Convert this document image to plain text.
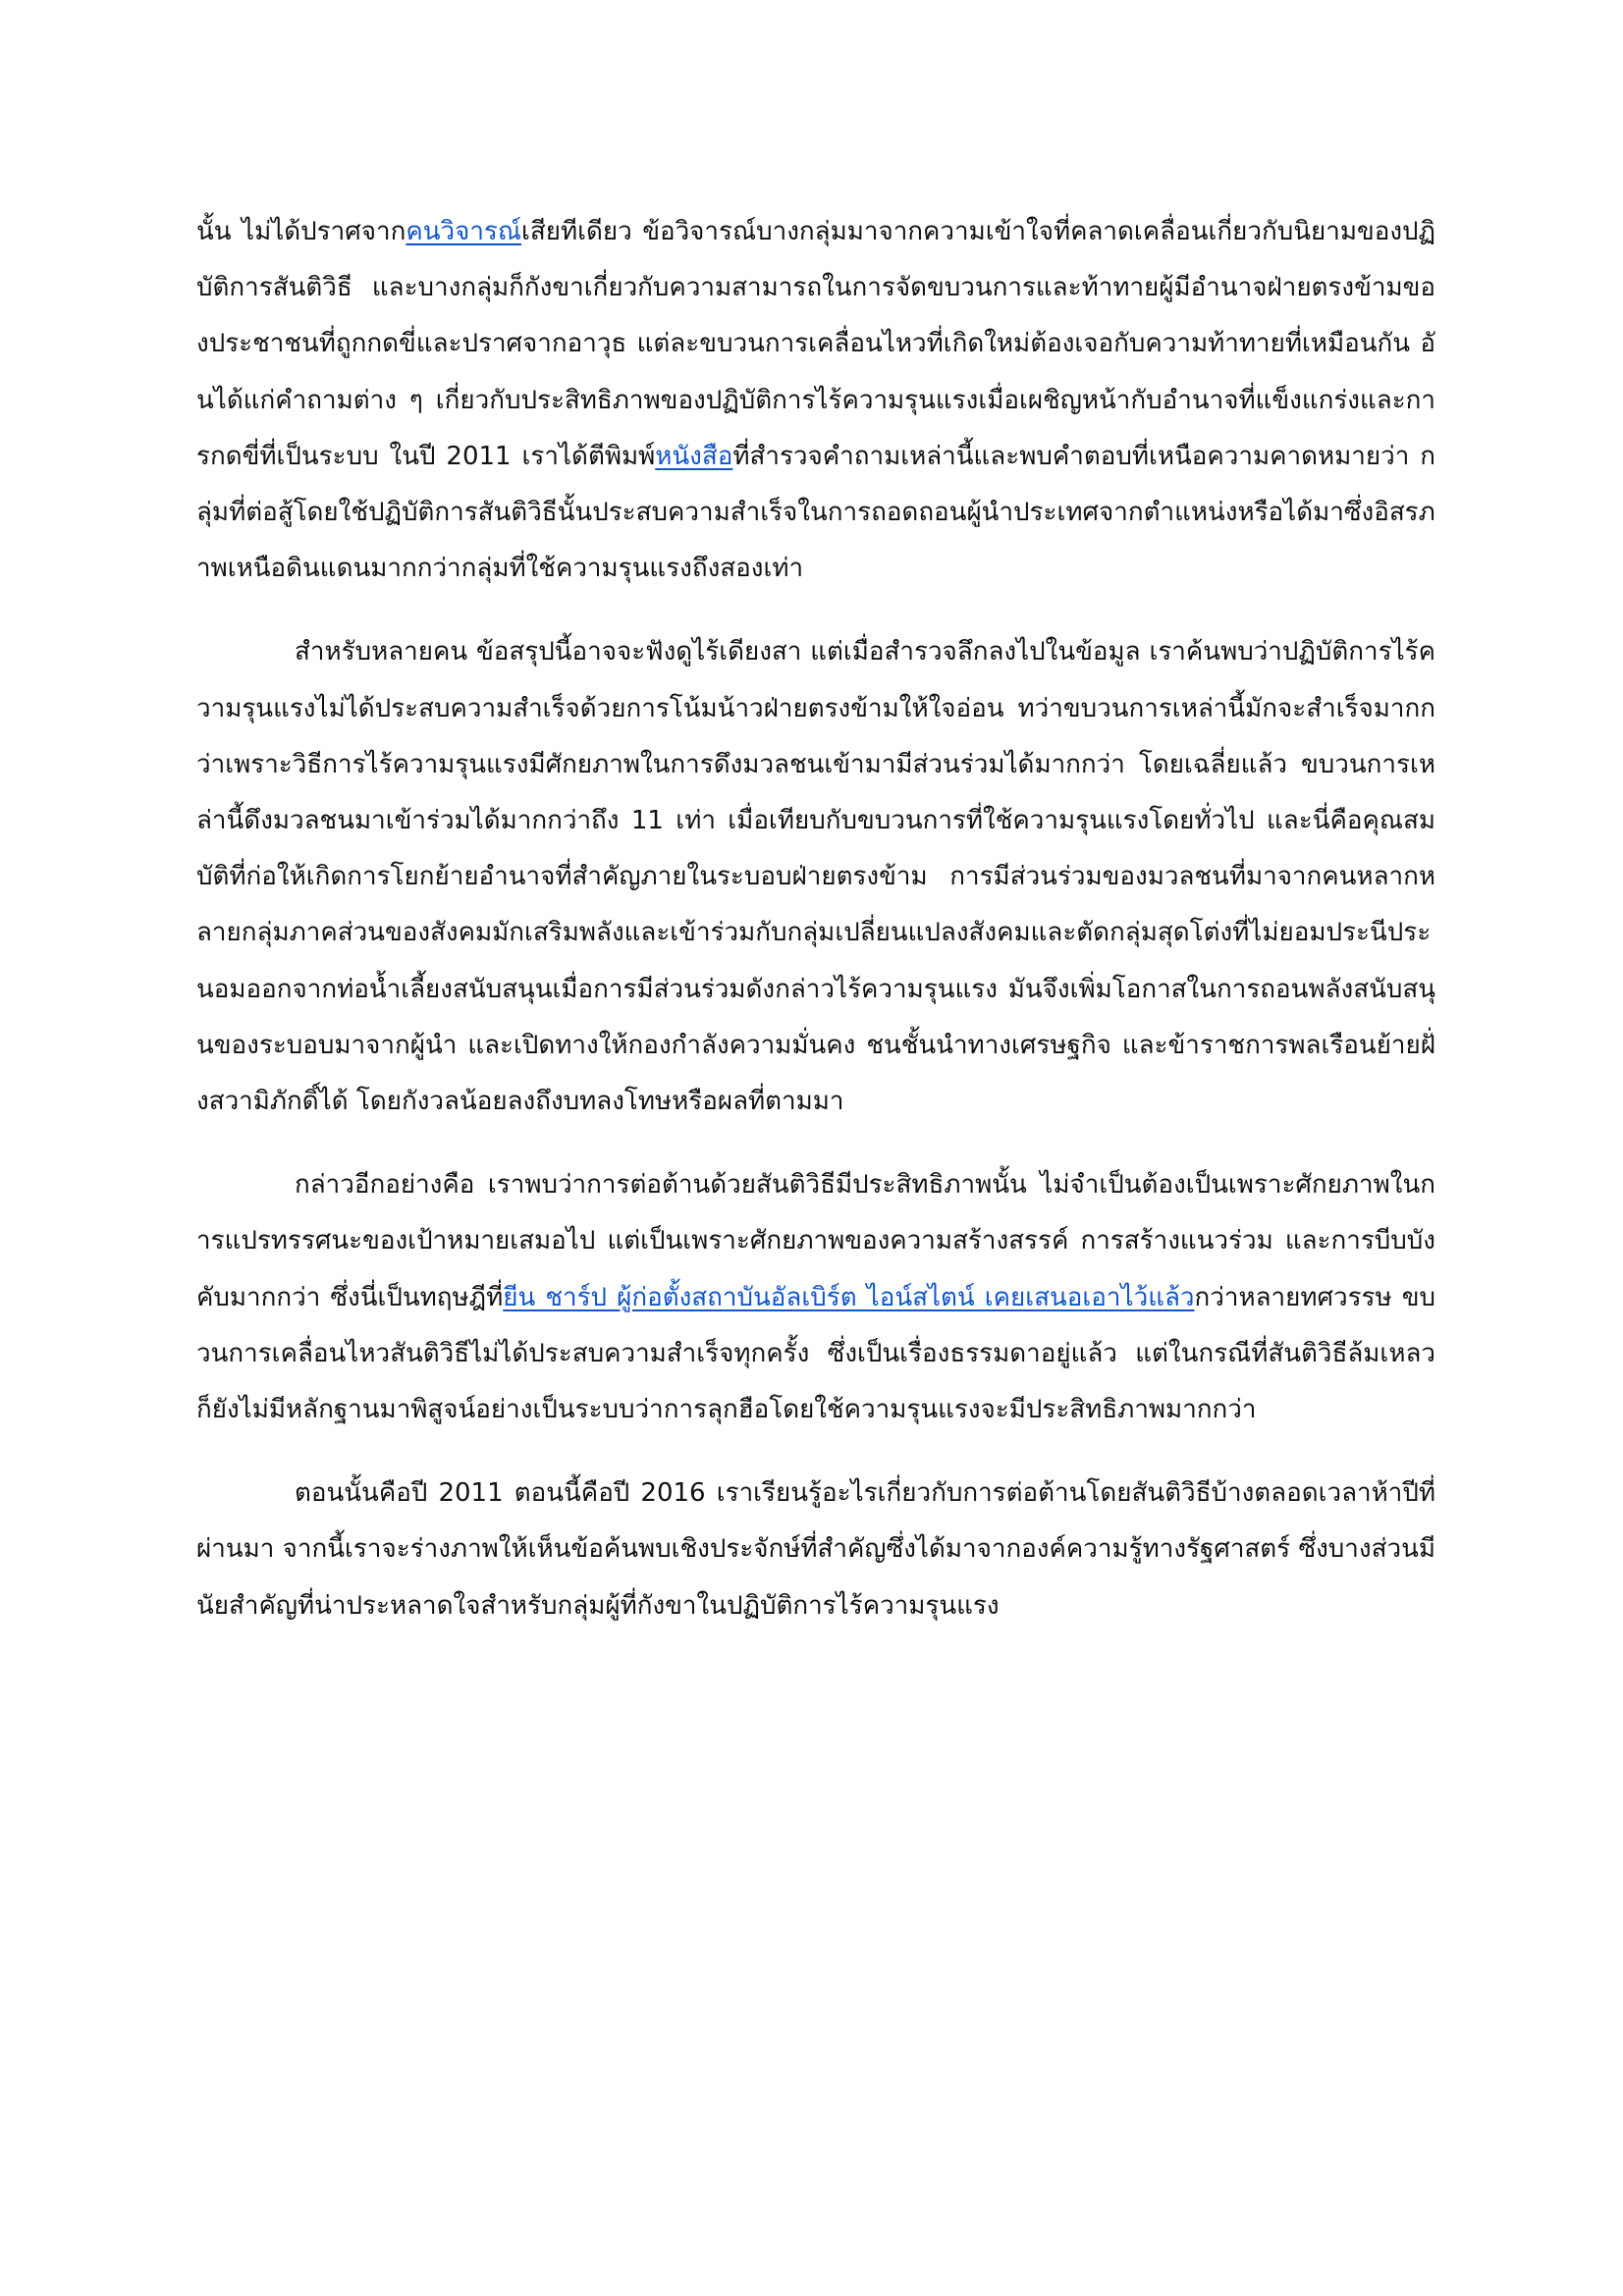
นั้น ไม่ได้ปราศจากคนวิจารณ์เสียทีเดียว ข้อวิจารณ์บางกลุ่มมาจากความเข้าใจที่คลาดเคลื่อนเกี่ยวกับนิยามของปฏิบัติการสันติวิธี และบางกลุ่มก็กังขาเกี่ยวกับความสามารถในการจัดขบวนการและท้าทายผู้มีอำนาจฝ่ายตรงข้ามของประชาชนที่ถูกกดขี่และปราศจากอาวุธ แต่ละขบวนการเคลื่อนไหวที่เกิดใหม่ต้องเจอกับความท้าทายที่เหมือนกัน อันได้แก่คำถามต่าง ๆ เกี่ยวกับประสิทธิภาพของปฏิบัติการไร้ความรุนแรงเมื่อเผชิญหน้ากับอำนาจที่แข็งแกร่งและการกดขี่ที่เป็นระบบ ในปี 2011 เราได้ตีพิมพ์หนังสือที่สำรวจคำถามเหล่านี้และพบคำตอบที่เหนือความคาดหมายว่า กลุ่มที่ต่อสู้โดยใช้ปฏิบัติการสันติวิธีนั้นประสบความสำเร็จในการถอดถอนผู้นำประเทศจากตำแหน่งหรือได้มาซึ่งอิสรภาพเหนือดินแดนมากกว่ากลุ่มที่ใช้ความรุนแรงถึงสองเท่า

สำหรับหลายคน ข้อสรุปนี้อาจจะฟังดูไร้เดียงสา แต่เมื่อสำรวจลึกลงไปในข้อมูล เราค้นพบว่าปฏิบัติการไร้ความรุนแรงไม่ได้ประสบความสำเร็จด้วยการโน้มน้าวฝ่ายตรงข้ามให้ใจอ่อน ทว่าขบวนการเหล่านี้มักจะสำเร็จมากกว่าเพราะวิธีการไร้ความรุนแรงมีศักยภาพในการดึงมวลชนเข้ามามีส่วนร่วมได้มากกว่า โดยเฉลี่ยแล้ว ขบวนการเหล่านี้ดึงมวลชนมาเข้าร่วมได้มากกว่าถึง 11 เท่า เมื่อเทียบกับขบวนการที่ใช้ความรุนแรงโดยทั่วไป และนี่คือคุณสมบัติที่ก่อให้เกิดการโยกย้ายอำนาจที่สำคัญภายในระบอบฝ่ายตรงข้าม การมีส่วนร่วมของมวลชนที่มาจากคนหลากหลายกลุ่มภาคส่วนของสังคมมักเสริมพลังและเข้าร่วมกับกลุ่มเปลี่ยนแปลงสังคมและตัดกลุ่มสุดโต่งที่ไม่ยอมประนีประนอมออกจากท่อน้ำเลี้ยงสนับสนุนเมื่อการมีส่วนร่วมดังกล่าวไร้ความรุนแรง มันจึงเพิ่มโอกาสในการถอนพลังสนับสนุนของระบอบมาจากผู้นำ และเปิดทางให้กองกำลังความมั่นคง ชนชั้นนำทางเศรษฐกิจ และข้าราชการพลเรือนย้ายฝั่งสวามิภักดิ์ได้ โดยกังวลน้อยลงถึงบทลงโทษหรือผลที่ตามมา

กล่าวอีกอย่างคือ เราพบว่าการต่อต้านด้วยสันติวิธีมีประสิทธิภาพนั้น ไม่จำเป็นต้องเป็นเพราะศักยภาพในการแปรทรรศนะของเป้าหมายเสมอไป แต่เป็นเพราะศักยภาพของความสร้างสรรค์ การสร้างแนวร่วม และการบีบบังคับมากกว่า ซึ่งนี่เป็นทฤษฎีที่ยีน ชาร์ป ผู้ก่อตั้งสถาบันอัลเบิร์ต ไอน์สไตน์ เคยเสนอเอาไว้แล้วกว่าหลายทศวรรษ ขบวนการเคลื่อนไหวสันติวิธีไม่ได้ประสบความสำเร็จทุกครั้ง ซึ่งเป็นเรื่องธรรมดาอยู่แล้ว แต่ในกรณีที่สันติวิธีล้มเหลว ก็ยังไม่มีหลักฐานมาพิสูจน์อย่างเป็นระบบว่าการลุกฮือโดยใช้ความรุนแรงจะมีประสิทธิภาพมากกว่า

ตอนนั้นคือปี 2011 ตอนนี้คือปี 2016 เราเรียนรู้อะไรเกี่ยวกับการต่อต้านโดยสันติวิธีบ้างตลอดเวลาห้าปีที่ผ่านมา จากนี้เราจะร่างภาพให้เห็นข้อค้นพบเชิงประจักษ์ที่สำคัญซึ่งได้มาจากองค์ความรู้ทางรัฐศาสตร์ ซึ่งบางส่วนมีนัยสำคัญที่น่าประหลาดใจสำหรับกลุ่มผู้ที่กังขาในปฏิบัติการไร้ความรุนแรง
